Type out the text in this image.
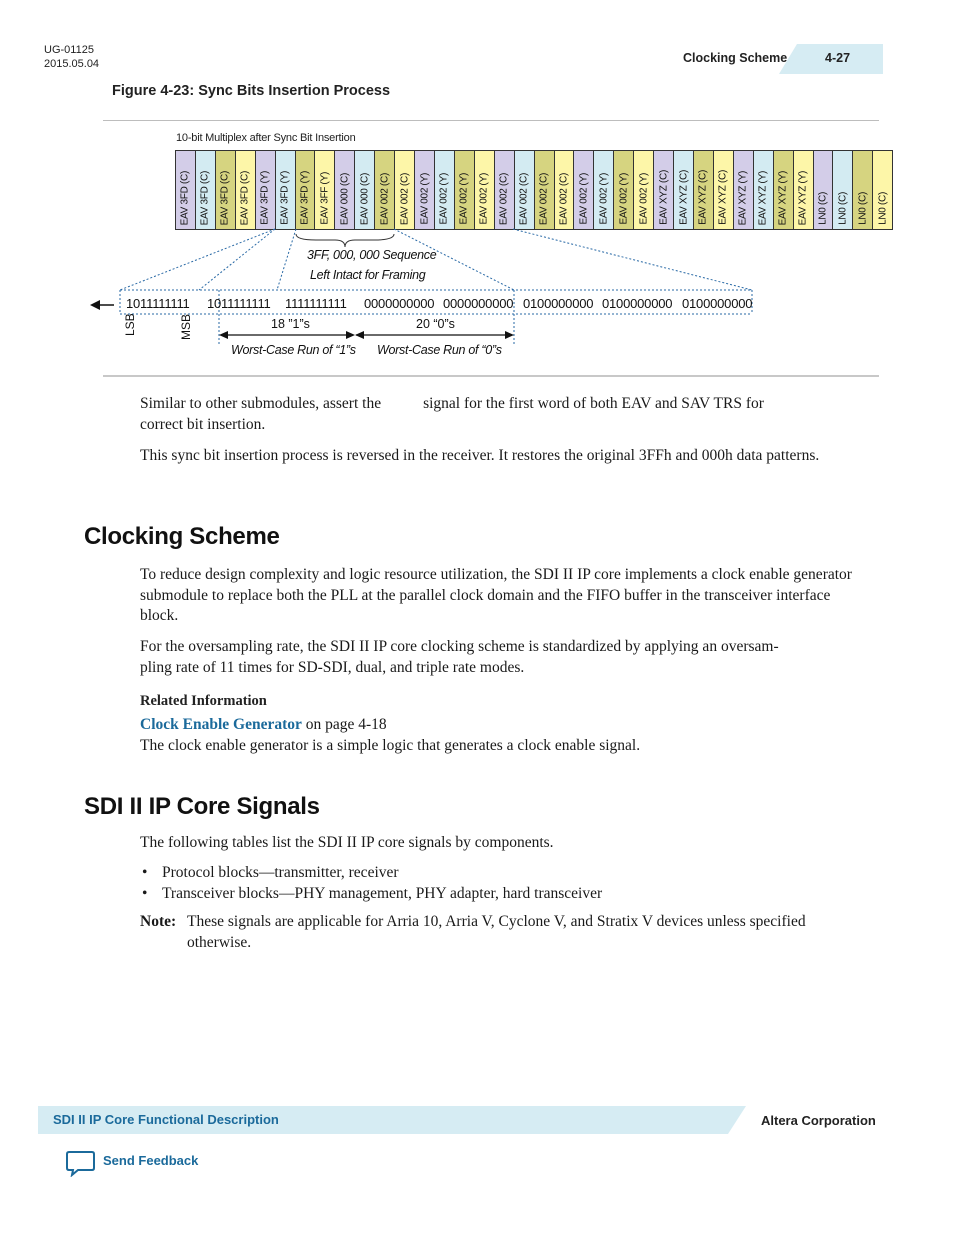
UG-01125
2015.05.04	Clocking Scheme	4-27
Figure 4-23: Sync Bits Insertion Process
10-bit Multiplex after Sync Bit Insertion
EAV 3FD (C) EAV 3FD (C) EAV 3FD (C) EAV 3FD (C) EAV 3FD (Y) EAV 3FD (Y) EAV 3FD (Y) EAV 3FF (Y) EAV 000 (C) EAV 000 (C) EAV 002 (C) EAV 002 (C) EAV 002 (Y) EAV 002 (Y) EAV 002 (Y) EAV 002 (Y) EAV 002 (C) EAV 002 (C) EAV 002 (C) EAV 002 (C) EAV 002 (Y) EAV 002 (Y) EAV 002 (Y) EAV 002 (Y) EAV XYZ (C) EAV XYZ (C) EAV XYZ (C) EAV XYZ (C) EAV XYZ (Y) EAV XYZ (Y) EAV XYZ (Y) EAV XYZ (Y) LN0 (C) LN0 (C) LN0 (C) LN0 (C)
3FF, 000, 000 Sequence
Left Intact for Framing
1011111111 1011111111 1111111111 0000000000 0000000000 0100000000 0100000000 0100000000
LSB	MSB	18 ”1”s	20 “0”s
Worst-Case Run of “1”s Worst-Case Run of “0”s
Similar to other submodules, assert the	signal for the first word of both EAV and SAV TRS for
correct bit insertion.
This sync bit insertion process is reversed in the receiver. It restores the original 3FFh and 000h data patterns.
Clocking Scheme
To reduce design complexity and logic resource utilization, the SDI II IP core implements a clock enable generator submodule to replace both the PLL at the parallel clock domain and the FIFO buffer in the transceiver interface block.
For the oversampling rate, the SDI II IP core clocking scheme is standardized by applying an oversam-
pling rate of 11 times for SD-SDI, dual, and triple rate modes.
Related Information
Clock Enable Generator on page 4-18
The clock enable generator is a simple logic that generates a clock enable signal.
SDI II IP Core Signals
The following tables list the SDI II IP core signals by components.
• Protocol blocks—transmitter, receiver
• Transceiver blocks—PHY management, PHY adapter, hard transceiver
Note: These signals are applicable for Arria 10, Arria V, Cyclone V, and Stratix V devices unless specified
otherwise.
SDI II IP Core Functional Description	Altera Corporation
Send Feedback
